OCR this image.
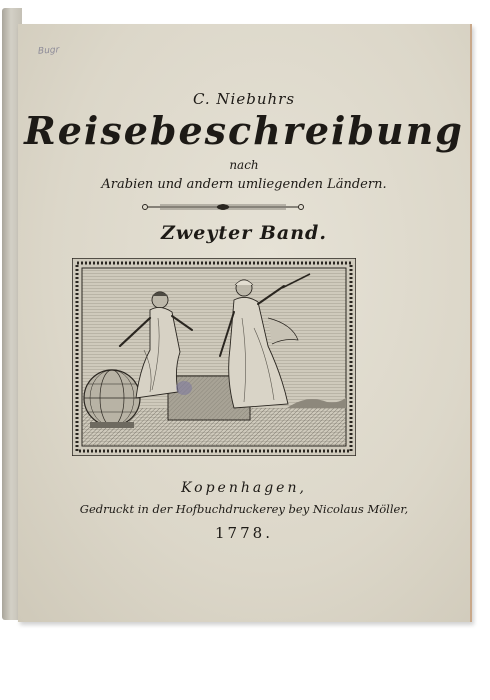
Bugr
C. Niebuhrs
Reisebeschreibung
nach
Arabien und andern umliegenden Ländern.
Zweyter Band.
Kopenhagen,
Gedruckt in der Hofbuchdruckerey bey Nicolaus Möller,
1778.
